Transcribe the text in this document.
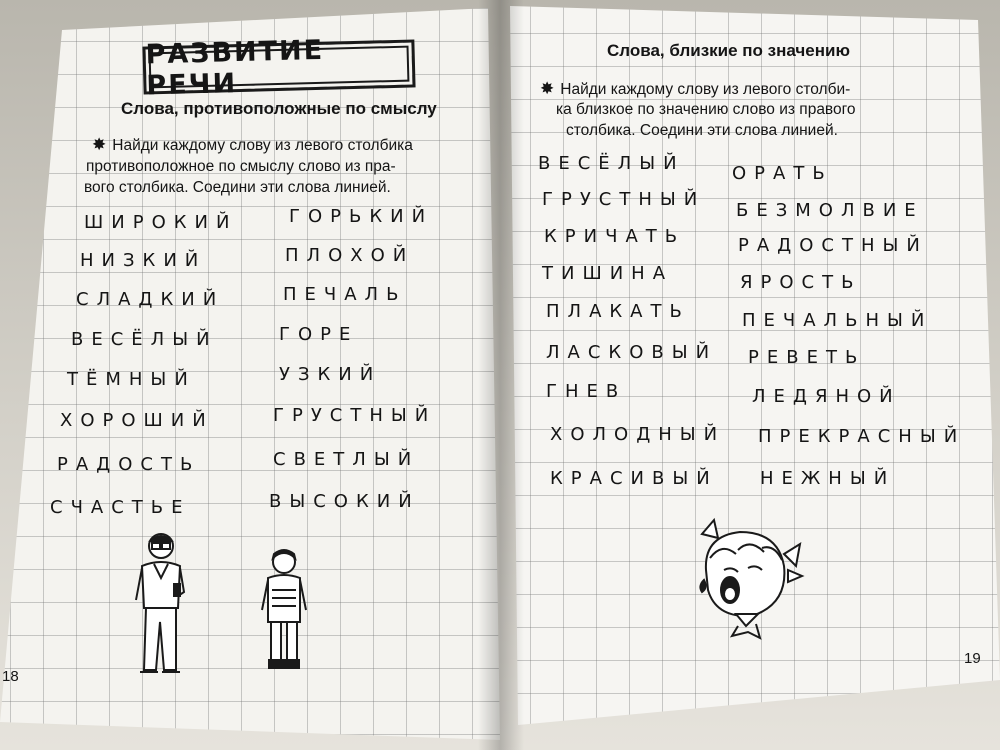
РАЗВИТИЕ РЕЧИ
Слова, противоположные по смыслу
✸ Найди каждому слову из левого столбика
противоположное по смыслу слово из пра-
вого столбика. Соедини эти слова линией.
ШИРОКИЙ
НИЗКИЙ
СЛАДКИЙ
ВЕСЁЛЫЙ
ТЁМНЫЙ
ХОРОШИЙ
РАДОСТЬ
СЧАСТЬЕ
ГОРЬКИЙ
ПЛОХОЙ
ПЕЧАЛЬ
ГОРЕ
УЗКИЙ
ГРУСТНЫЙ
СВЕТЛЫЙ
ВЫСОКИЙ
18
Слова, близкие по значению
✸ Найди каждому слову из левого столби-
ка близкое по значению слово из правого
столбика. Соедини эти слова линией.
ВЕСЁЛЫЙ
ГРУСТНЫЙ
КРИЧАТЬ
ТИШИНА
ПЛАКАТЬ
ЛАСКОВЫЙ
ГНЕВ
ХОЛОДНЫЙ
КРАСИВЫЙ
ОРАТЬ
БЕЗМОЛВИЕ
РАДОСТНЫЙ
ЯРОСТЬ
ПЕЧАЛЬНЫЙ
РЕВЕТЬ
ЛЕДЯНОЙ
ПРЕКРАСНЫЙ
НЕЖНЫЙ
19
